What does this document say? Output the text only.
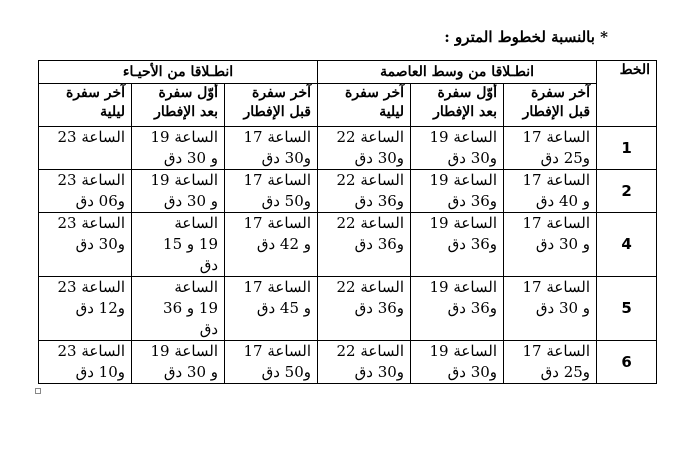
* بالنسبة لخطوط المترو :
الخط	انطـلاقا من وسط العاصمة			انطـلاقا من الأحيـاء		

	آخر سفرة
قبل الإفطار	أوّل سفرة
بعد الإفطار	آخر سفرة
ليلية	آخر سفرة
قبل الإفطار	أوّل سفرة
بعد الإفطار	آخر سفرة
ليلية

1	الساعة 17
و25 دق	الساعة 19
و30 دق	الساعة 22
و30 دق	الساعة 17
و30 دق	الساعة 19
و 30 دق	الساعة 23

2	الساعة 17
و 40 دق	الساعة 19
و36 دق	الساعة 22
و36 دق	الساعة 17
و50 دق	الساعة 19
و 30 دق	الساعة 23
و06 دق

4	الساعة 17
و 30 دق	الساعة 19
و36 دق	الساعة 22
و36 دق	الساعة 17
و 42 دق	الساعة
19 و 15
دق	الساعة 23
و30 دق

5	الساعة 17
و 30 دق	الساعة 19
و36 دق	الساعة 22
و36 دق	الساعة 17
و 45 دق	الساعة
19 و 36
دق	الساعة 23
و12 دق

6	الساعة 17
و25 دق	الساعة 19
و30 دق	الساعة 22
و30 دق	الساعة 17
و50 دق	الساعة 19
و 30 دق	الساعة 23
و10 دق
